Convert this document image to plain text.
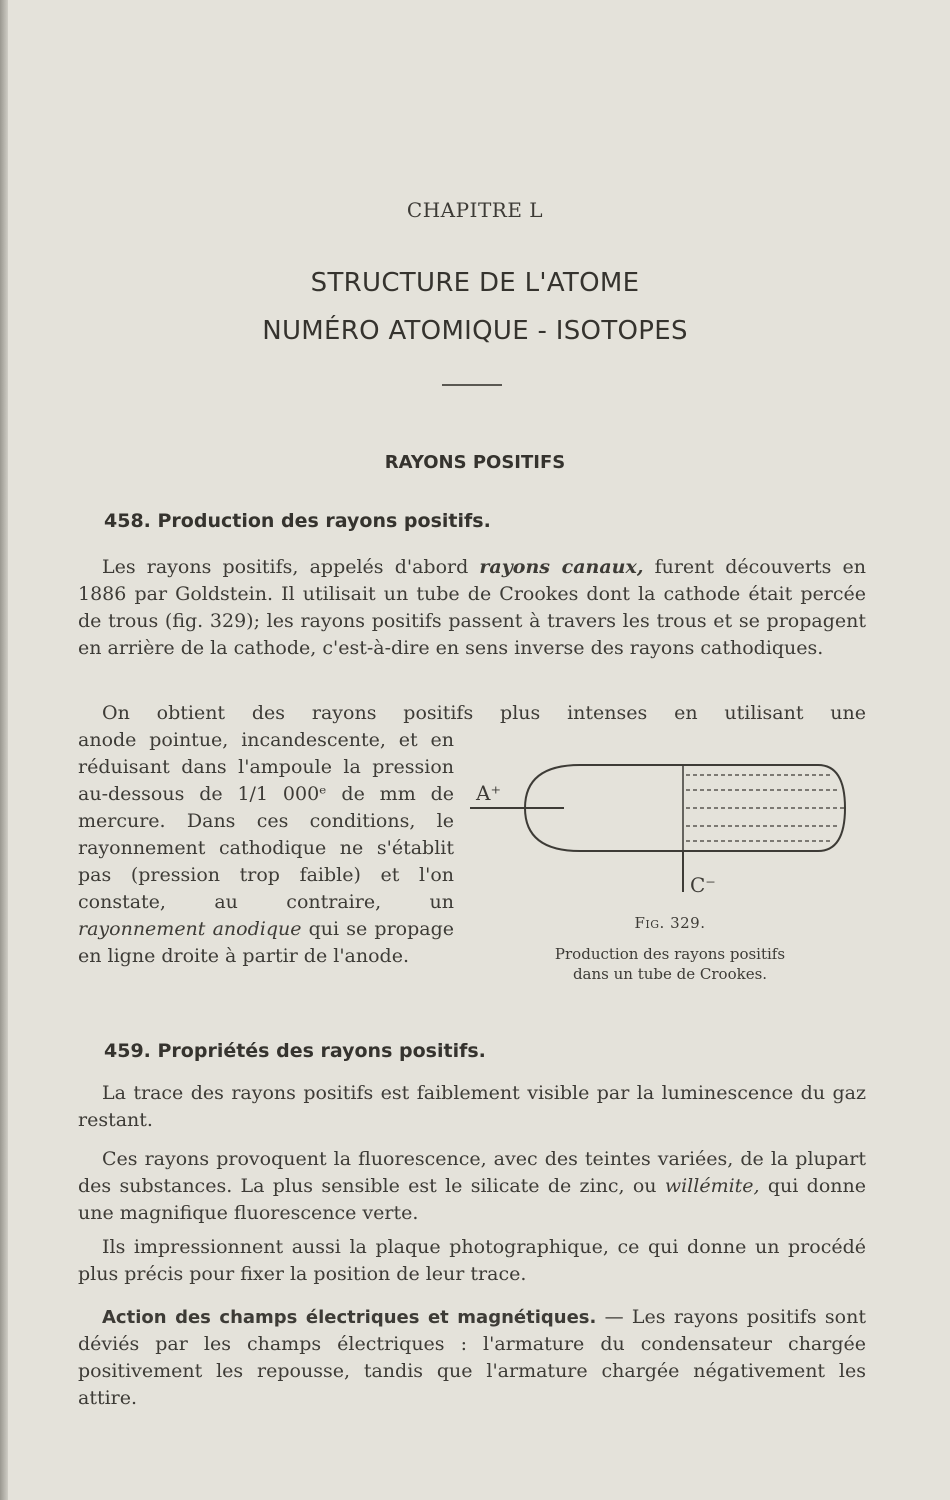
CHAPITRE L
STRUCTURE DE L'ATOME
NUMÉRO ATOMIQUE - ISOTOPES
RAYONS POSITIFS
458. Production des rayons positifs.

Les rayons positifs, appelés d'abord rayons canaux, furent découverts en 1886 par Goldstein. Il utilisait un tube de Crookes dont la cathode était percée de trous (fig. 329); les rayons positifs passent à travers les trous et se propagent en arrière de la cathode, c'est-à-dire en sens inverse des rayons cathodiques.

On obtient des rayons positifs plus intenses en utilisant une

anode pointue, incandescente, et en réduisant dans l'ampoule la pression au-dessous de 1/1 000ᵉ de mm de mercure. Dans ces conditions, le rayonnement cathodique ne s'établit pas (pression trop faible) et l'on constate, au contraire, un rayonnement anodique qui se propage en ligne droite à partir de l'anode.

A⁺
C⁻
Fig. 329.
Production des rayons positifs
dans un tube de Crookes.
459. Propriétés des rayons positifs.

La trace des rayons positifs est faiblement visible par la luminescence du gaz restant.

Ces rayons provoquent la fluorescence, avec des teintes variées, de la plupart des substances. La plus sensible est le silicate de zinc, ou willémite, qui donne une magnifique fluorescence verte.

Ils impressionnent aussi la plaque photographique, ce qui donne un procédé plus précis pour fixer la position de leur trace.

Action des champs électriques et magnétiques. — Les rayons positifs sont déviés par les champs électriques : l'armature du condensateur chargée positivement les repousse, tandis que l'armature chargée négativement les attire.
